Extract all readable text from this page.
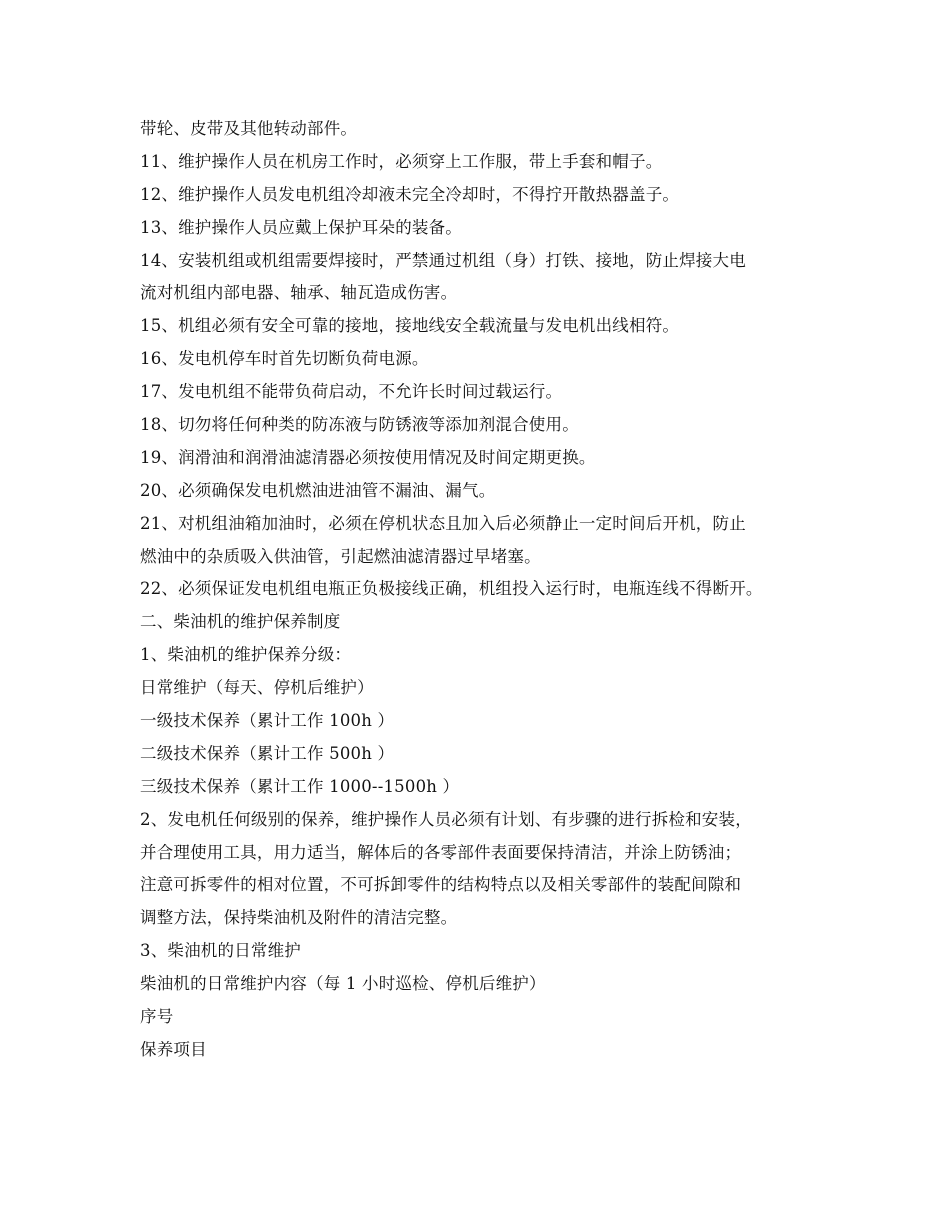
带轮、皮带及其他转动部件。
11、维护操作人员在机房工作时，必须穿上工作服，带上手套和帽子。
12、维护操作人员发电机组冷却液未完全冷却时，不得拧开散热器盖子。
13、维护操作人员应戴上保护耳朵的装备。
14、安装机组或机组需要焊接时，严禁通过机组（身）打铁、接地，防止焊接大电
流对机组内部电器、轴承、轴瓦造成伤害。
15、机组必须有安全可靠的接地，接地线安全载流量与发电机出线相符。
16、发电机停车时首先切断负荷电源。
17、发电机组不能带负荷启动，不允许长时间过载运行。
18、切勿将任何种类的防冻液与防锈液等添加剂混合使用。
19、润滑油和润滑油滤清器必须按使用情况及时间定期更换。
20、必须确保发电机燃油进油管不漏油、漏气。
21、对机组油箱加油时，必须在停机状态且加入后必须静止一定时间后开机，防止
燃油中的杂质吸入供油管，引起燃油滤清器过早堵塞。
22、必须保证发电机组电瓶正负极接线正确，机组投入运行时，电瓶连线不得断开。
二、柴油机的维护保养制度
1、柴油机的维护保养分级：
日常维护（每天、停机后维护）
一级技术保养（累计工作 100h ）
二级技术保养（累计工作 500h ）
三级技术保养（累计工作 1000--1500h ）
2、发电机任何级别的保养，维护操作人员必须有计划、有步骤的进行拆检和安装，
并合理使用工具，用力适当，解体后的各零部件表面要保持清洁，并涂上防锈油；
注意可拆零件的相对位置，不可拆卸零件的结构特点以及相关零部件的装配间隙和
调整方法，保持柴油机及附件的清洁完整。
3、柴油机的日常维护
柴油机的日常维护内容（每 1 小时巡检、停机后维护）
序号
保养项目
